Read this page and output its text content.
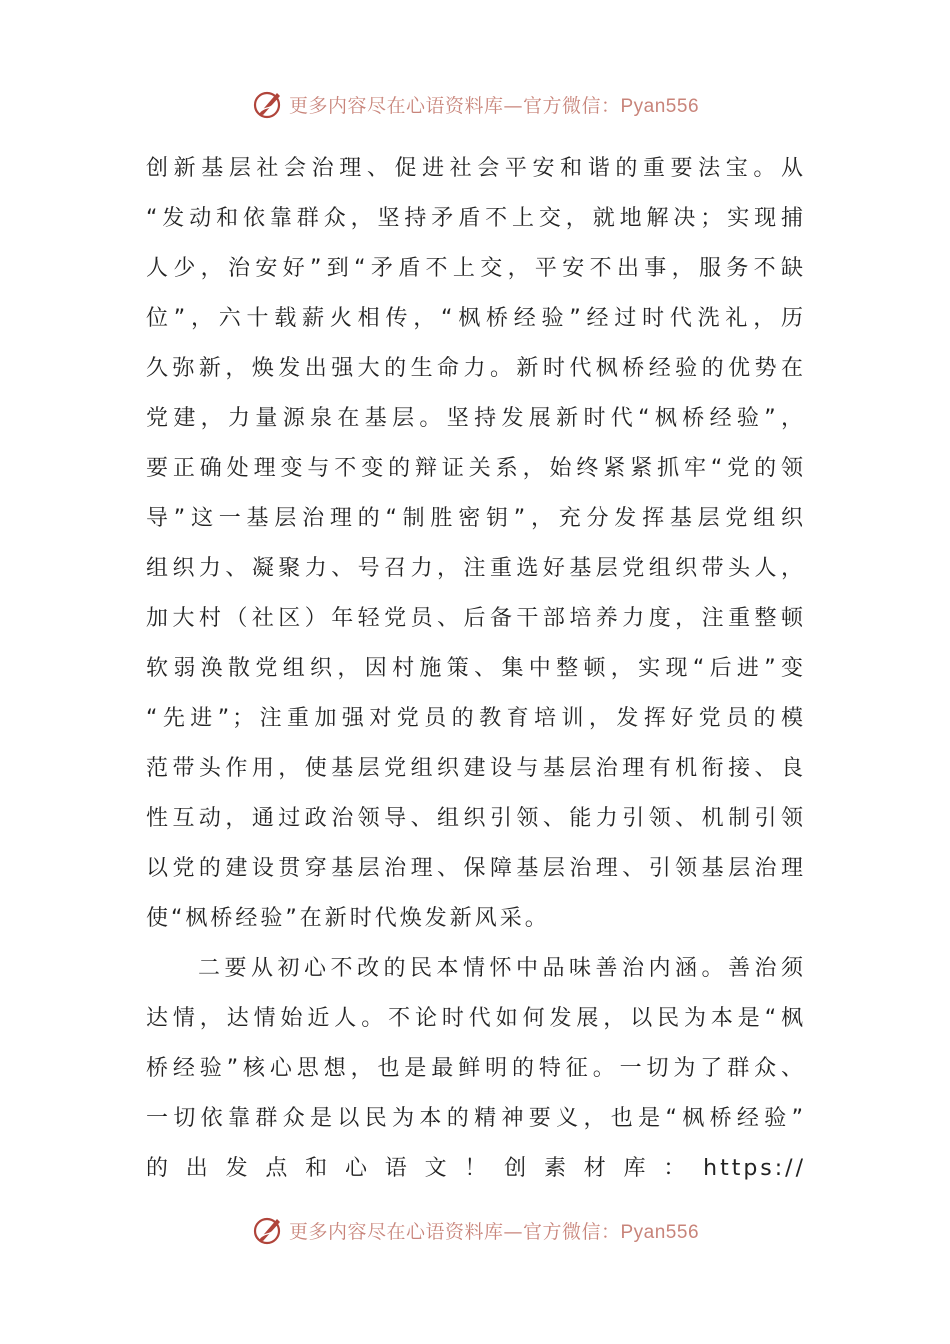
更多内容尽在心语资料库—官方微信：Pyan556
创新基层社会治理、促进社会平安和谐的重要法宝。从
“发动和依靠群众，坚持矛盾不上交，就地解决；实现捕
人少，治安好”到“矛盾不上交，平安不出事，服务不缺
位”，六十载薪火相传，“枫桥经验”经过时代洗礼，历
久弥新，焕发出强大的生命力。新时代枫桥经验的优势在
党建，力量源泉在基层。坚持发展新时代“枫桥经验”，
要正确处理变与不变的辩证关系，始终紧紧抓牢“党的领
导”这一基层治理的“制胜密钥”，充分发挥基层党组织
组织力、凝聚力、号召力，注重选好基层党组织带头人，
加大村（社区）年轻党员、后备干部培养力度，注重整顿
软弱涣散党组织，因村施策、集中整顿，实现“后进”变
“先进”；注重加强对党员的教育培训，发挥好党员的模
范带头作用，使基层党组织建设与基层治理有机衔接、良
性互动，通过政治领导、组织引领、能力引领、机制引领
以党的建设贯穿基层治理、保障基层治理、引领基层治理
使“枫桥经验”在新时代焕发新风采。
二要从初心不改的民本情怀中品味善治内涵。善治须
达情，达情始近人。不论时代如何发展，以民为本是“枫
桥经验”核心思想，也是最鲜明的特征。一切为了群众、
一切依靠群众是以民为本的精神要义，也是“枫桥经验”
的出发点和心语文！创素材库：https://
更多内容尽在心语资料库—官方微信：Pyan556
